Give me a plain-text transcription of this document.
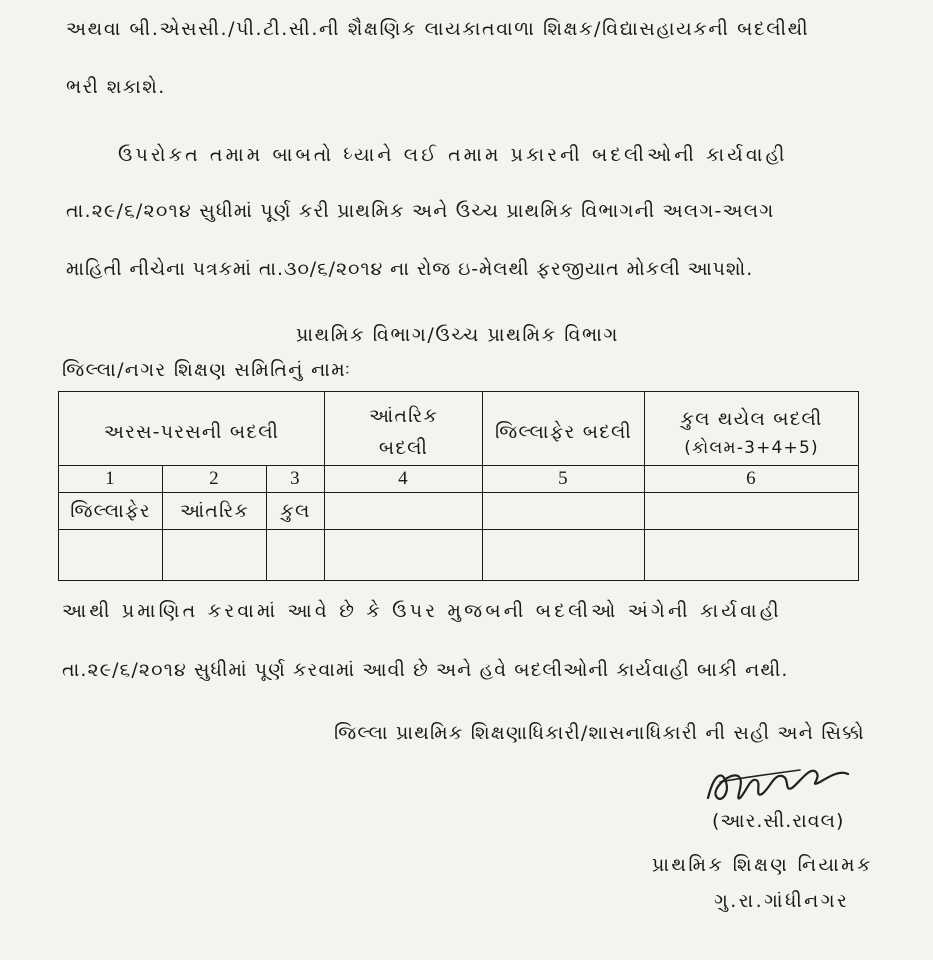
અથવા બી.એસસી./પી.ટી.સી.ની શૈક્ષણિક લાયકાતવાળા શિક્ષક/વિદ્યાસહાયકની બદલીથી
ભરી શકાશે.
ઉપરોકત તમામ બાબતો ધ્યાને લઈ તમામ પ્રકારની બદલીઓની કાર્યવાહી
તા.૨૯/૬/૨૦૧૪ સુધીમાં પૂર્ણ કરી પ્રાથમિક અને ઉચ્ચ પ્રાથમિક વિભાગની અલગ-અલગ
માહિતી નીચેના પત્રકમાં તા.૩૦/૬/૨૦૧૪ ના રોજ ઇ-મેલથી ફરજીયાત મોકલી આપશો.
પ્રાથમિક વિભાગ/ઉચ્ચ પ્રાથમિક વિભાગ
જિલ્લા/નગર શિક્ષણ સમિતિનું નામઃ
અરસ-પરસની બદલી			આંતરિક બદલી	જિલ્લાફેર બદલી	કુલ થયેલ બદલી
(કોલમ-3+4+5)

1	2	3	4	5	6
જિલ્લાફેર	આંતરિક	કુલ			

આથી પ્રમાણિત કરવામાં આવે છે કે ઉપર મુજબની બદલીઓ અંગેની કાર્યવાહી
તા.૨૯/૬/૨૦૧૪ સુધીમાં પૂર્ણ કરવામાં આવી છે અને હવે બદલીઓની કાર્યવાહી બાકી નથી.
જિલ્લા પ્રાથમિક શિક્ષણાધિકારી/શાસનાધિકારી ની સહી અને સિક્કો
(આર.સી.રાવલ)
પ્રાથમિક શિક્ષણ નિયામક
ગુ.રા.ગાંધીનગર
